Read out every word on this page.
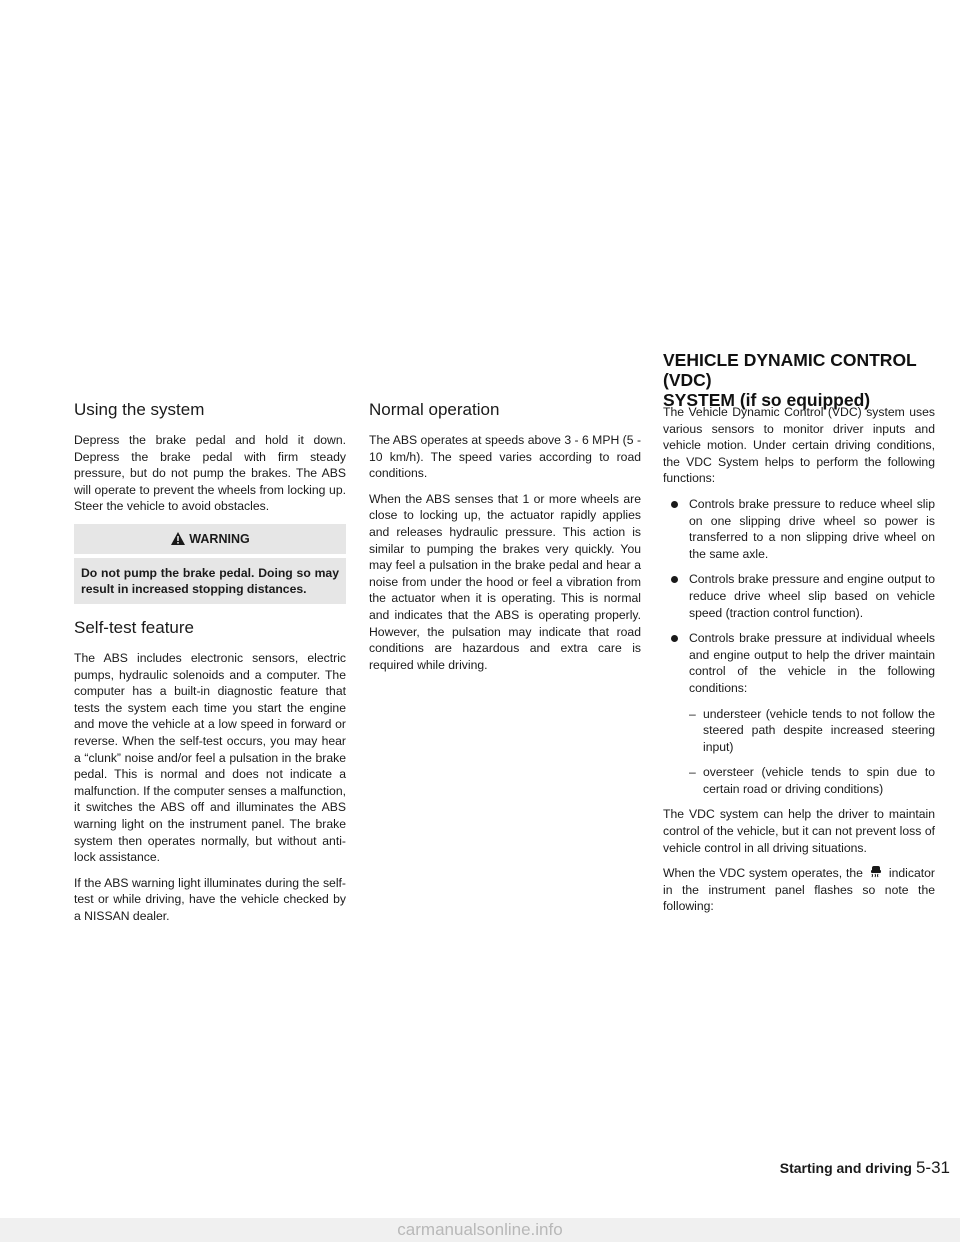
VEHICLE DYNAMIC CONTROL (VDC)
SYSTEM (if so equipped)
Using the system

Depress the brake pedal and hold it down. Depress the brake pedal with firm steady pressure, but do not pump the brakes. The ABS will operate to prevent the wheels from locking up. Steer the vehicle to avoid obstacles.

WARNING
Do not pump the brake pedal. Doing so may result in increased stopping distances.
Self-test feature

The ABS includes electronic sensors, electric pumps, hydraulic solenoids and a computer. The computer has a built-in diagnostic feature that tests the system each time you start the engine and move the vehicle at a low speed in forward or reverse. When the self-test occurs, you may hear a “clunk” noise and/or feel a pulsation in the brake pedal. This is normal and does not indicate a malfunction. If the computer senses a malfunction, it switches the ABS off and illuminates the ABS warning light on the instrument panel. The brake system then operates normally, but without anti-lock assistance.

If the ABS warning light illuminates during the self-test or while driving, have the vehicle checked by a NISSAN dealer.

Normal operation

The ABS operates at speeds above 3 - 6 MPH (5 - 10 km/h). The speed varies according to road conditions.

When the ABS senses that 1 or more wheels are close to locking up, the actuator rapidly applies and releases hydraulic pressure. This action is similar to pumping the brakes very quickly. You may feel a pulsation in the brake pedal and hear a noise from under the hood or feel a vibration from the actuator when it is operating. This is normal and indicates that the ABS is operating properly. However, the pulsation may indicate that road conditions are hazardous and extra care is required while driving.

The Vehicle Dynamic Control (VDC) system uses various sensors to monitor driver inputs and vehicle motion. Under certain driving conditions, the VDC System helps to perform the following functions:

Controls brake pressure to reduce wheel slip on one slipping drive wheel so power is transferred to a non slipping drive wheel on the same axle.
Controls brake pressure and engine output to reduce drive wheel slip based on vehicle speed (traction control function).
Controls brake pressure at individual wheels and engine output to help the driver maintain control of the vehicle in the following conditions:
– understeer (vehicle tends to not follow the steered path despite increased steering input)
– oversteer (vehicle tends to spin due to certain road or driving conditions)

The VDC system can help the driver to maintain control of the vehicle, but it can not prevent loss of vehicle control in all driving situations.

When the VDC system operates, the indicator in the instrument panel flashes so note the following:

Starting and driving 5-31
carmanualsonline.info
